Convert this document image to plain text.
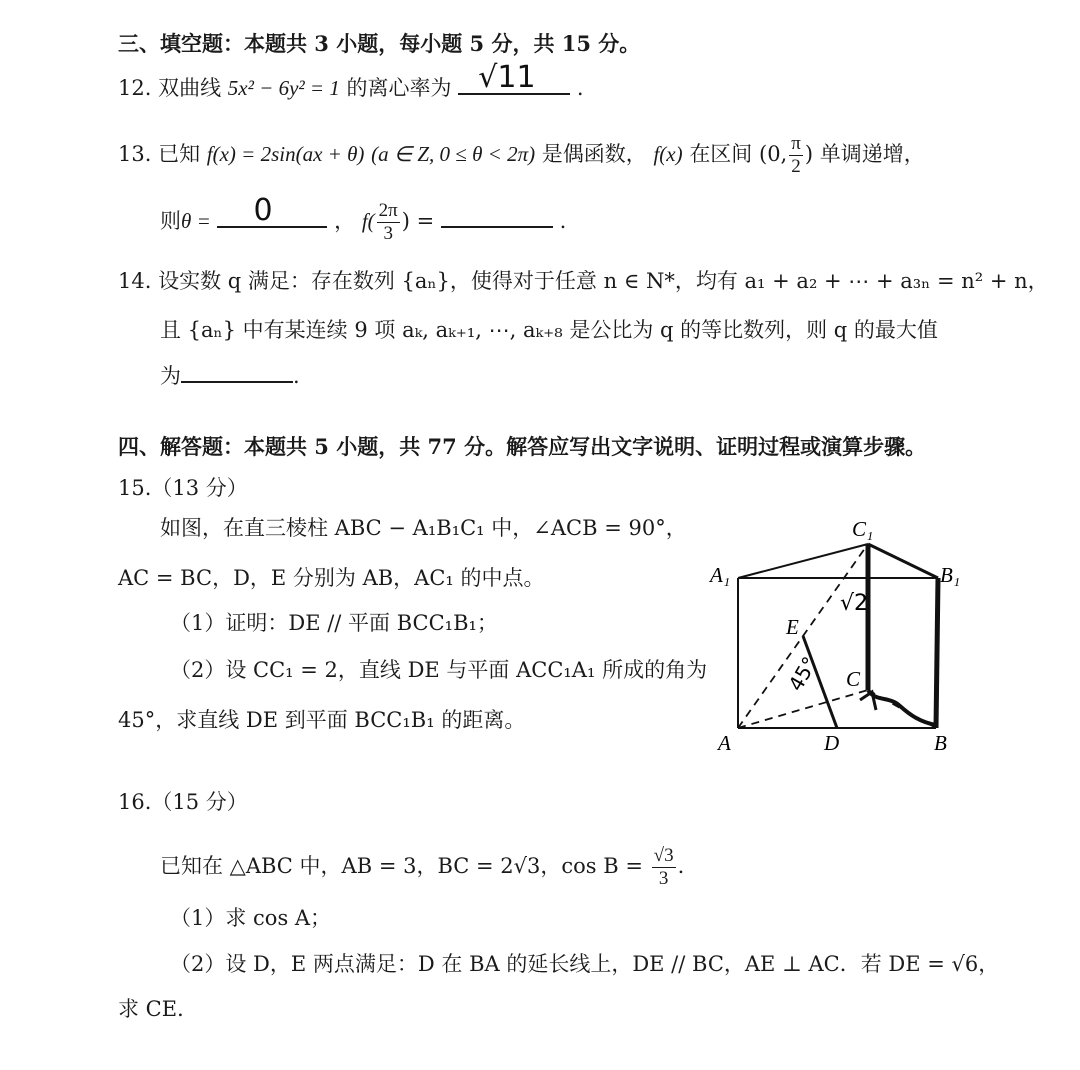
三、填空题：本题共 3 小题，每小题 5 分，共 15 分。
12. 双曲线 5x² − 6y² = 1 的离心率为 √11 .
13. 已知 f(x) = 2sin(ax + θ) (a ∈ Z, 0 ≤ θ < 2π) 是偶函数， f(x) 在区间 (0, $\frac{\pi}{2}$ ) 单调递增，
则θ = 0	， $f( \frac{2\pi}{3}$ ) =	.
14. 设实数 q 满足：存在数列 {aₙ}，使得对于任意 n ∈ N*，均有 a₁ + a₂ + ⋯ + a₃ₙ = n² + n，
且 {aₙ} 中有某连续 9 项 aₖ, aₖ₊₁, ⋯, aₖ₊₈ 是公比为 q 的等比数列，则 q 的最大值
为	.
四、解答题：本题共 5 小题，共 77 分。解答应写出文字说明、证明过程或演算步骤。
15.（13 分）
如图，在直三棱柱 ABC − A₁B₁C₁ 中，∠ACB = 90°，
AC = BC，D，E 分别为 AB，AC₁ 的中点。
（1）证明：DE // 平面 BCC₁B₁；
（2）设 CC₁ = 2，直线 DE 与平面 ACC₁A₁ 所成的角为
45°，求直线 DE 到平面 BCC₁B₁ 的距离。
C₁
A₁	B₁
E
C
A	D	B
45°
√2
16.（15 分）
已知在 △ABC 中，AB = 3，BC = 2√3，$\cos B = \frac{√3}{3}$ .
（1）求 cos A；
（2）设 D，E 两点满足：D 在 BA 的延长线上，DE // BC，AE ⊥ AC．若 DE = √6，
求 CE．
